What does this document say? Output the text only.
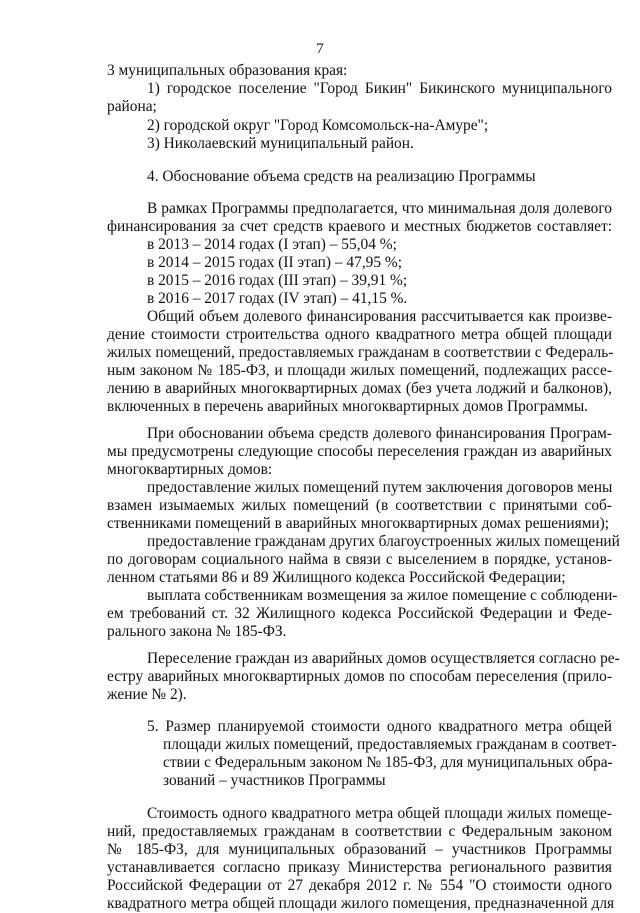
7
3 муниципальных образования края:
1) городское поселение "Город Бикин" Бикинского муниципального
района;
2) городской округ "Город Комсомольск-на-Амуре";
3) Николаевский муниципальный район.
4. Обоснование объема средств на реализацию Программы
В рамках Программы предполагается, что минимальная доля долевого
финансирования за счет средств краевого и местных бюджетов составляет:
в 2013 – 2014 годах (I этап) – 55,04 %;
в 2014 – 2015 годах (II этап) – 47,95 %;
в 2015 – 2016 годах (III этап) – 39,91 %;
в 2016 – 2017 годах (IV этап) – 41,15 %.
Общий объем долевого финансирования рассчитывается как произве-
дение стоимости строительства одного квадратного метра общей площади
жилых помещений, предоставляемых гражданам в соответствии с Федераль-
ным законом № 185-ФЗ, и площади жилых помещений, подлежащих рассе-
лению в аварийных многоквартирных домах (без учета лоджий и балконов),
включенных в перечень аварийных многоквартирных домов Программы.
При обосновании объема средств долевого финансирования Програм-
мы предусмотрены следующие способы переселения граждан из аварийных
многоквартирных домов:
предоставление жилых помещений путем заключения договоров мены
взамен изымаемых жилых помещений (в соответствии с принятыми соб-
ственниками помещений в аварийных многоквартирных домах решениями);
предоставление гражданам других благоустроенных жилых помещений
по договорам социального найма в связи с выселением в порядке, установ-
ленном статьями 86 и 89 Жилищного кодекса Российской Федерации;
выплата собственникам возмещения за жилое помещение с соблюдени-
ем требований ст. 32 Жилищного кодекса Российской Федерации и Феде-
рального закона № 185-ФЗ.
Переселение граждан из аварийных домов осуществляется согласно ре-
естру аварийных многоквартирных домов по способам переселения (прило-
жение № 2).
5. Размер планируемой стоимости одного квадратного метра общей
площади жилых помещений, предоставляемых гражданам в соответ-
ствии с Федеральным законом № 185-ФЗ, для муниципальных обра-
зований – участников Программы
Стоимость одного квадратного метра общей площади жилых помеще-
ний, предоставляемых гражданам в соответствии с Федеральным законом
№ 185-ФЗ, для муниципальных образований – участников Программы
устанавливается согласно приказу Министерства регионального развития
Российской Федерации от 27 декабря 2012 г. № 554 "О стоимости одного
квадратного метра общей площади жилого помещения, предназначенной для
